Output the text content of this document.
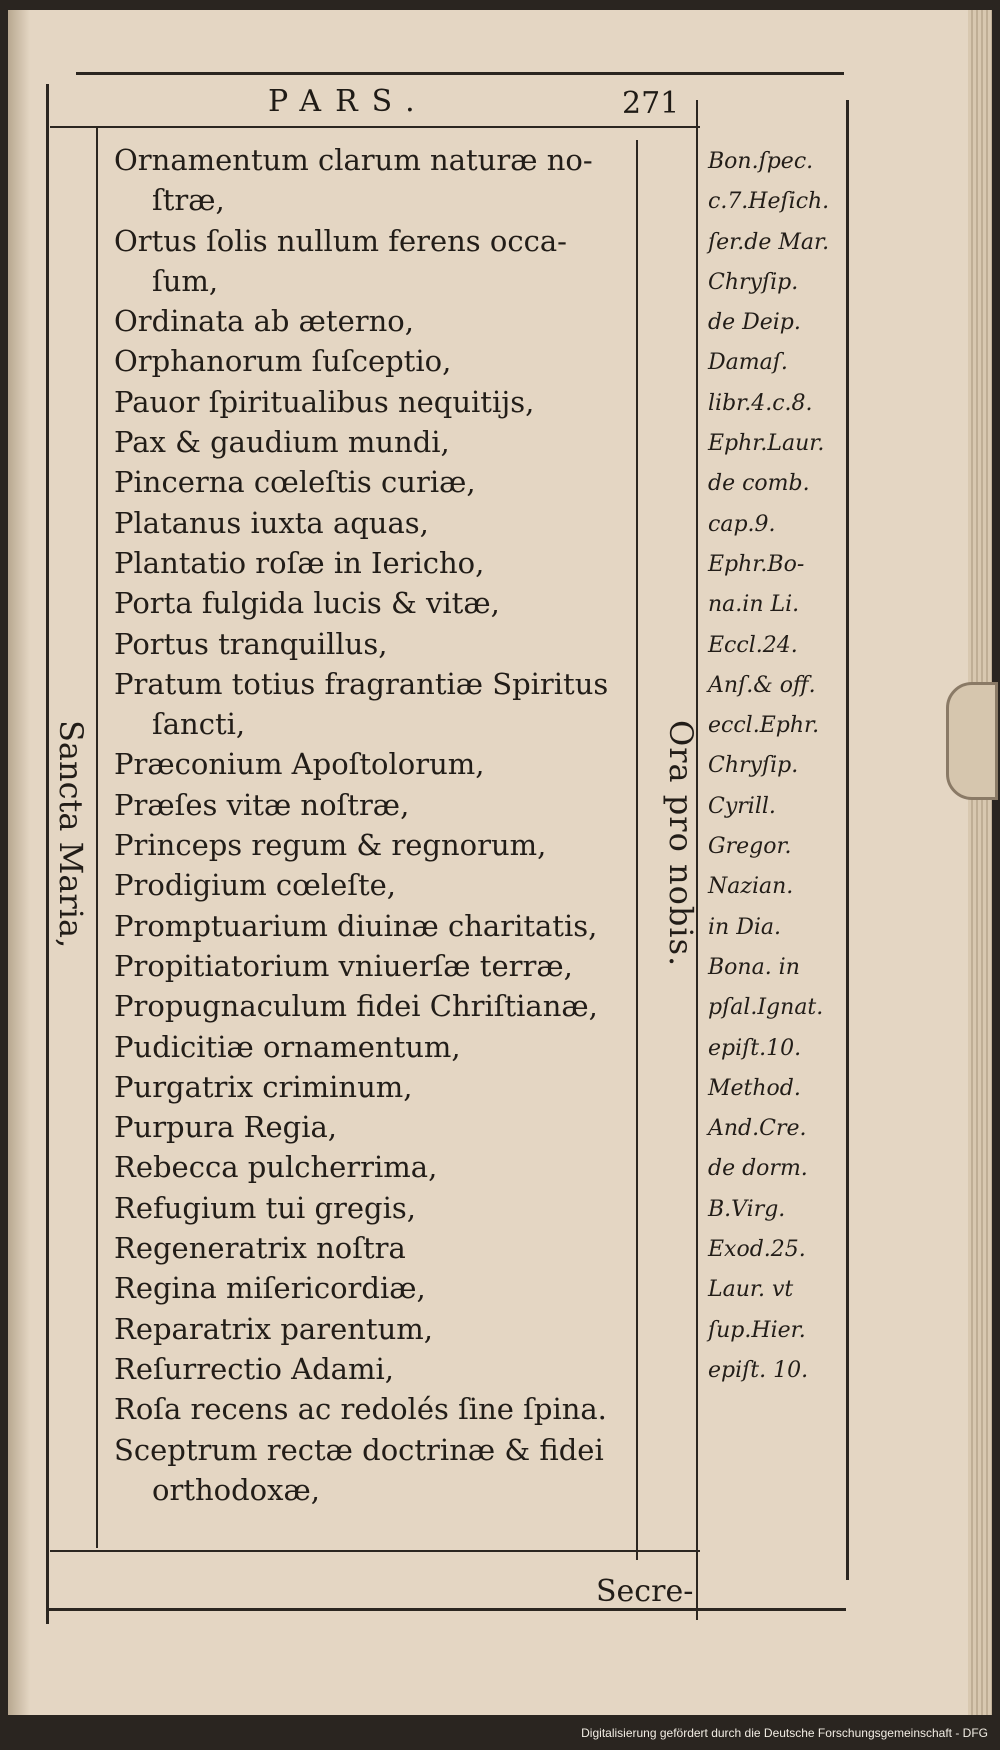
PARS.	271
Sancta Maria,	Ora pro nobis.
Ornamentum clarum naturæ no-
ſtræ,
Ortus ſolis nullum ferens occa-
ſum,
Ordinata ab æterno,
Orphanorum ſuſceptio,
Pauor ſpiritualibus nequitijs,
Pax & gaudium mundi,
Pincerna cœleſtis curiæ,
Platanus iuxta aquas,
Plantatio roſæ in Iericho,
Porta fulgida lucis & vitæ,
Portus tranquillus,
Pratum totius fragrantiæ Spiritus
ſancti,
Præconium Apoſtolorum,
Præſes vitæ noſtræ,
Princeps regum & regnorum,
Prodigium cœleſte,
Promptuarium diuinæ charitatis,
Propitiatorium vniuerſæ terræ,
Propugnaculum fidei Chriſtianæ,
Pudicitiæ ornamentum,
Purgatrix criminum,
Purpura Regia,
Rebecca pulcherrima,
Refugium tui gregis,
Regeneratrix noſtra
Regina miſericordiæ,
Reparatrix parentum,
Reſurrectio Adami,
Roſa recens ac redolés ſine ſpina.
Sceptrum rectæ doctrinæ & fidei
orthodoxæ,
Bon.ſpec.
c.7.Heſich.
ſer.de Mar.
Chryſip.
de Deip.
Damaſ.
libr.4.c.8.
Ephr.Laur.
de comb.
cap.9.
Ephr.Bo-
na.in Li.
Eccl.24.
Anſ.& off.
eccl.Ephr.
Chryſip.
Cyrill.
Gregor.
Nazian.
in Dia.
Bona. in
pſal.Ignat.
epiſt.10.
Method.
And.Cre.
de dorm.
B.Virg.
Exod.25.
Laur. vt
ſup.Hier.
epiſt. 10.
Secre-
Digitalisierung gefördert durch die Deutsche Forschungsgemeinschaft - DFG
